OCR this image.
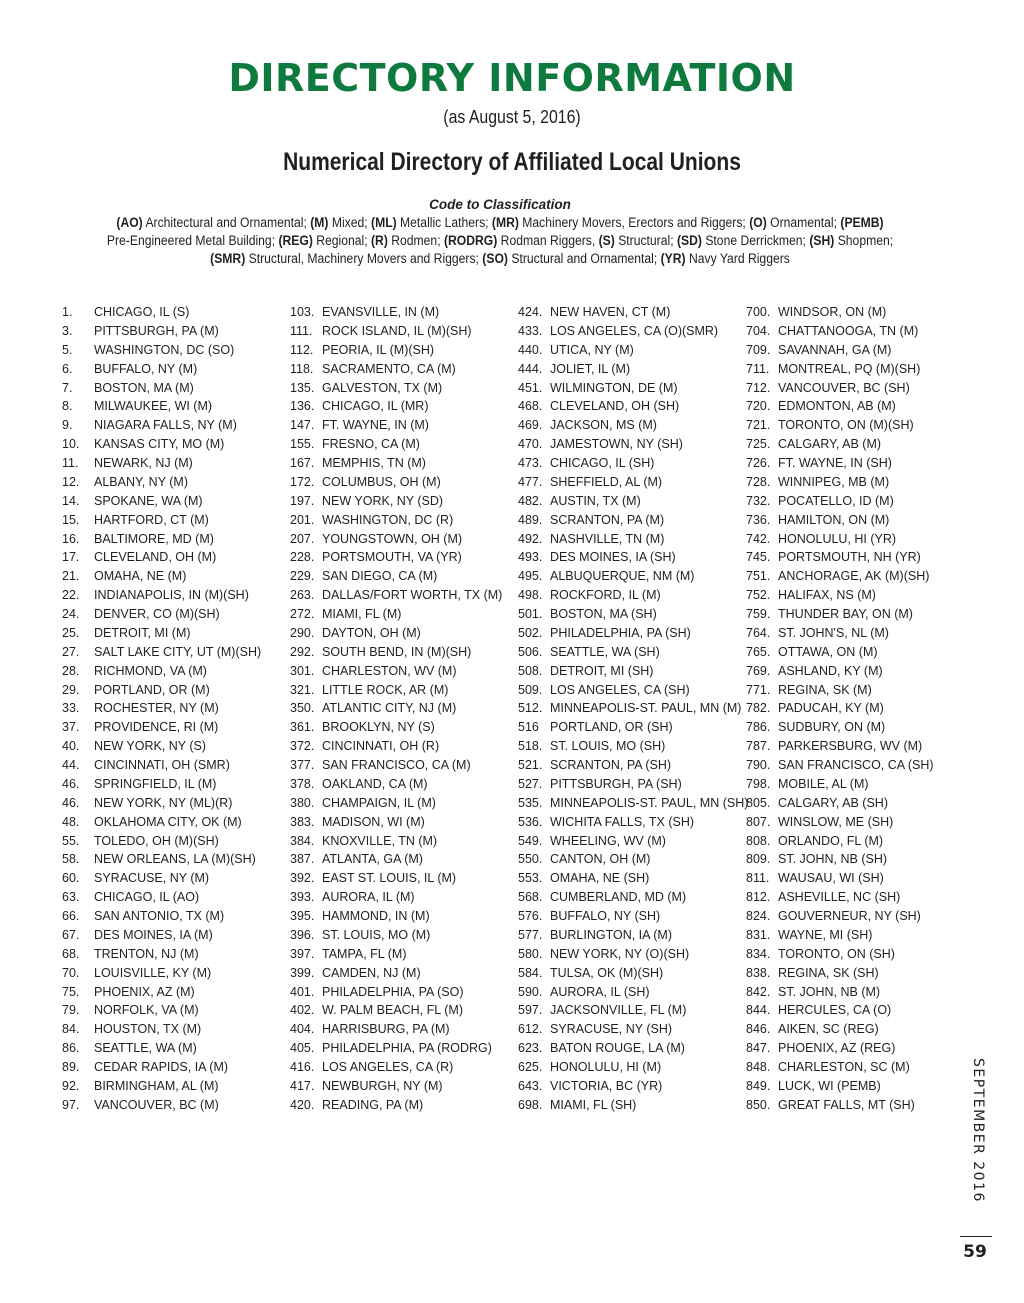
DIRECTORY INFORMATION
(as August 5, 2016)
Numerical Directory of Affiliated Local Unions
Code to Classification
(AO) Architectural and Ornamental; (M) Mixed; (ML) Metallic Lathers; (MR) Machinery Movers, Erectors and Riggers; (O) Ornamental; (PEMB) Pre-Engineered Metal Building; (REG) Regional; (R) Rodmen; (RODRG) Rodman Riggers, (S) Structural; (SD) Stone Derrickmen; (SH) Shopmen; (SMR) Structural, Machinery Movers and Riggers; (SO) Structural and Ornamental; (YR) Navy Yard Riggers
1. CHICAGO, IL (S)
3. PITTSBURGH, PA (M)
5. WASHINGTON, DC (SO)
6. BUFFALO, NY (M)
7. BOSTON, MA (M)
8. MILWAUKEE, WI (M)
9. NIAGARA FALLS, NY (M)
10. KANSAS CITY, MO (M)
11. NEWARK, NJ (M)
12. ALBANY, NY (M)
14. SPOKANE, WA (M)
15. HARTFORD, CT (M)
16. BALTIMORE, MD (M)
17. CLEVELAND, OH (M)
21. OMAHA, NE (M)
22. INDIANAPOLIS, IN (M)(SH)
24. DENVER, CO (M)(SH)
25. DETROIT, MI (M)
27. SALT LAKE CITY, UT (M)(SH)
28. RICHMOND, VA (M)
29. PORTLAND, OR (M)
33. ROCHESTER, NY (M)
37. PROVIDENCE, RI (M)
40. NEW YORK, NY (S)
44. CINCINNATI, OH (SMR)
46. SPRINGFIELD, IL (M)
46. NEW YORK, NY (ML)(R)
48. OKLAHOMA CITY, OK (M)
55. TOLEDO, OH (M)(SH)
58. NEW ORLEANS, LA (M)(SH)
60. SYRACUSE, NY (M)
63. CHICAGO, IL (AO)
66. SAN ANTONIO, TX (M)
67. DES MOINES, IA (M)
68. TRENTON, NJ (M)
70. LOUISVILLE, KY (M)
75. PHOENIX, AZ (M)
79. NORFOLK, VA (M)
84. HOUSTON, TX (M)
86. SEATTLE, WA (M)
89. CEDAR RAPIDS, IA (M)
92. BIRMINGHAM, AL (M)
97. VANCOUVER, BC (M)
103. EVANSVILLE, IN (M)
111. ROCK ISLAND, IL (M)(SH)
112. PEORIA, IL (M)(SH)
118. SACRAMENTO, CA (M)
135. GALVESTON, TX (M)
136. CHICAGO, IL (MR)
147. FT. WAYNE, IN (M)
155. FRESNO, CA (M)
167. MEMPHIS, TN (M)
172. COLUMBUS, OH (M)
197. NEW YORK, NY (SD)
201. WASHINGTON, DC (R)
207. YOUNGSTOWN, OH (M)
228. PORTSMOUTH, VA (YR)
229. SAN DIEGO, CA (M)
263. DALLAS/FORT WORTH, TX (M)
272. MIAMI, FL (M)
290. DAYTON, OH (M)
292. SOUTH BEND, IN (M)(SH)
301. CHARLESTON, WV (M)
321. LITTLE ROCK, AR (M)
350. ATLANTIC CITY, NJ (M)
361. BROOKLYN, NY (S)
372. CINCINNATI, OH (R)
377. SAN FRANCISCO, CA (M)
378. OAKLAND, CA (M)
380. CHAMPAIGN, IL (M)
383. MADISON, WI (M)
384. KNOXVILLE, TN (M)
387. ATLANTA, GA (M)
392. EAST ST. LOUIS, IL (M)
393. AURORA, IL (M)
395. HAMMOND, IN (M)
396. ST. LOUIS, MO (M)
397. TAMPA, FL (M)
399. CAMDEN, NJ (M)
401. PHILADELPHIA, PA (SO)
402. W. PALM BEACH, FL (M)
404. HARRISBURG, PA (M)
405. PHILADELPHIA, PA (RODRG)
416. LOS ANGELES, CA (R)
417. NEWBURGH, NY (M)
420. READING, PA (M)
424. NEW HAVEN, CT (M)
433. LOS ANGELES, CA (O)(SMR)
440. UTICA, NY (M)
444. JOLIET, IL (M)
451. WILMINGTON, DE (M)
468. CLEVELAND, OH (SH)
469. JACKSON, MS (M)
470. JAMESTOWN, NY (SH)
473. CHICAGO, IL (SH)
477. SHEFFIELD, AL (M)
482. AUSTIN, TX (M)
489. SCRANTON, PA (M)
492. NASHVILLE, TN (M)
493. DES MOINES, IA (SH)
495. ALBUQUERQUE, NM (M)
498. ROCKFORD, IL (M)
501. BOSTON, MA (SH)
502. PHILADELPHIA, PA (SH)
506. SEATTLE, WA (SH)
508. DETROIT, MI (SH)
509. LOS ANGELES, CA (SH)
512. MINNEAPOLIS-ST. PAUL, MN (M)
516 PORTLAND, OR (SH)
518. ST. LOUIS, MO (SH)
521. SCRANTON, PA (SH)
527. PITTSBURGH, PA (SH)
535. MINNEAPOLIS-ST. PAUL, MN (SH)
536. WICHITA FALLS, TX (SH)
549. WHEELING, WV (M)
550. CANTON, OH (M)
553. OMAHA, NE (SH)
568. CUMBERLAND, MD (M)
576. BUFFALO, NY (SH)
577. BURLINGTON, IA (M)
580. NEW YORK, NY (O)(SH)
584. TULSA, OK (M)(SH)
590. AURORA, IL (SH)
597. JACKSONVILLE, FL (M)
612. SYRACUSE, NY (SH)
623. BATON ROUGE, LA (M)
625. HONOLULU, HI (M)
643. VICTORIA, BC (YR)
698. MIAMI, FL (SH)
700. WINDSOR, ON (M)
704. CHATTANOOGA, TN (M)
709. SAVANNAH, GA (M)
711. MONTREAL, PQ (M)(SH)
712. VANCOUVER, BC (SH)
720. EDMONTON, AB (M)
721. TORONTO, ON (M)(SH)
725. CALGARY, AB (M)
726. FT. WAYNE, IN (SH)
728. WINNIPEG, MB (M)
732. POCATELLO, ID (M)
736. HAMILTON, ON (M)
742. HONOLULU, HI (YR)
745. PORTSMOUTH, NH (YR)
751. ANCHORAGE, AK (M)(SH)
752. HALIFAX, NS (M)
759. THUNDER BAY, ON (M)
764. ST. JOHN'S, NL (M)
765. OTTAWA, ON (M)
769. ASHLAND, KY (M)
771. REGINA, SK (M)
782. PADUCAH, KY (M)
786. SUDBURY, ON (M)
787. PARKERSBURG, WV (M)
790. SAN FRANCISCO, CA (SH)
798. MOBILE, AL (M)
805. CALGARY, AB (SH)
807. WINSLOW, ME (SH)
808. ORLANDO, FL (M)
809. ST. JOHN, NB (SH)
811. WAUSAU, WI (SH)
812. ASHEVILLE, NC (SH)
824. GOUVERNEUR, NY (SH)
831. WAYNE, MI (SH)
834. TORONTO, ON (SH)
838. REGINA, SK (SH)
842. ST. JOHN, NB (M)
844. HERCULES, CA (O)
846. AIKEN, SC (REG)
847. PHOENIX, AZ (REG)
848. CHARLESTON, SC (M)
849. LUCK, WI (PEMB)
850. GREAT FALLS, MT (SH)	SEPTEMBER 2016
59
